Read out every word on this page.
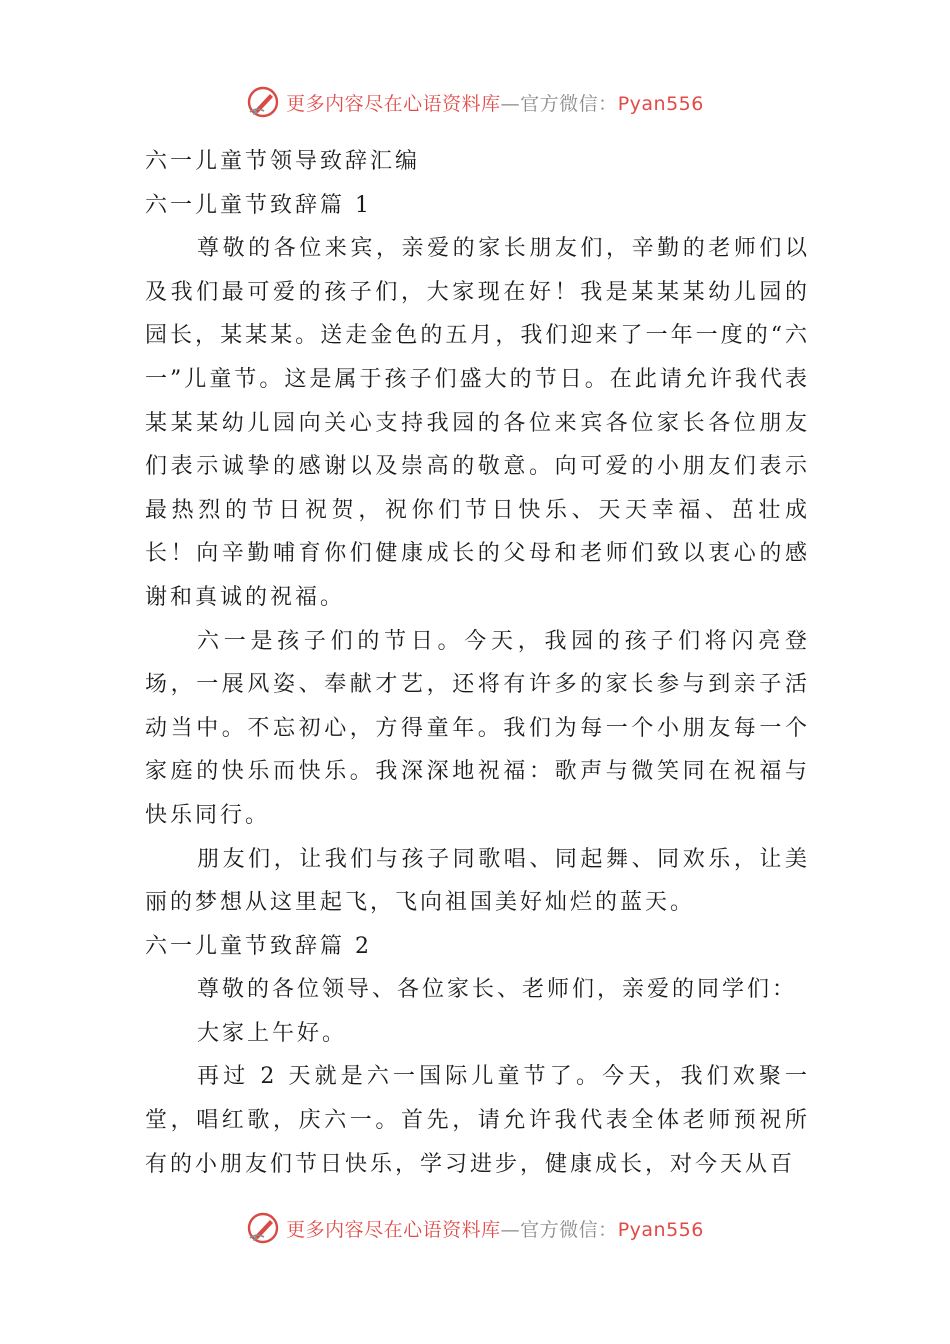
更多内容尽在心语资料库—官方微信：Pyan556
六一儿童节领导致辞汇编
六一儿童节致辞篇 1
尊敬的各位来宾，亲爱的家长朋友们，辛勤的老师们以及我们最可爱的孩子们，大家现在好！我是某某某幼儿园的园长，某某某。送走金色的五月，我们迎来了一年一度的“六一”儿童节。这是属于孩子们盛大的节日。在此请允许我代表某某某幼儿园向关心支持我园的各位来宾各位家长各位朋友们表示诚挚的感谢以及崇高的敬意。向可爱的小朋友们表示最热烈的节日祝贺，祝你们节日快乐、天天幸福、茁壮成长！向辛勤哺育你们健康成长的父母和老师们致以衷心的感谢和真诚的祝福。
六一是孩子们的节日。今天，我园的孩子们将闪亮登场，一展风姿、奉献才艺，还将有许多的家长参与到亲子活动当中。不忘初心，方得童年。我们为每一个小朋友每一个家庭的快乐而快乐。我深深地祝福：歌声与微笑同在祝福与快乐同行。
朋友们，让我们与孩子同歌唱、同起舞、同欢乐，让美丽的梦想从这里起飞，飞向祖国美好灿烂的蓝天。
六一儿童节致辞篇 2
尊敬的各位领导、各位家长、老师们，亲爱的同学们：
大家上午好。
再过 2 天就是六一国际儿童节了。今天，我们欢聚一堂，唱红歌，庆六一。首先，请允许我代表全体老师预祝所有的小朋友们节日快乐，学习进步，健康成长，对今天从百
更多内容尽在心语资料库—官方微信：Pyan556
